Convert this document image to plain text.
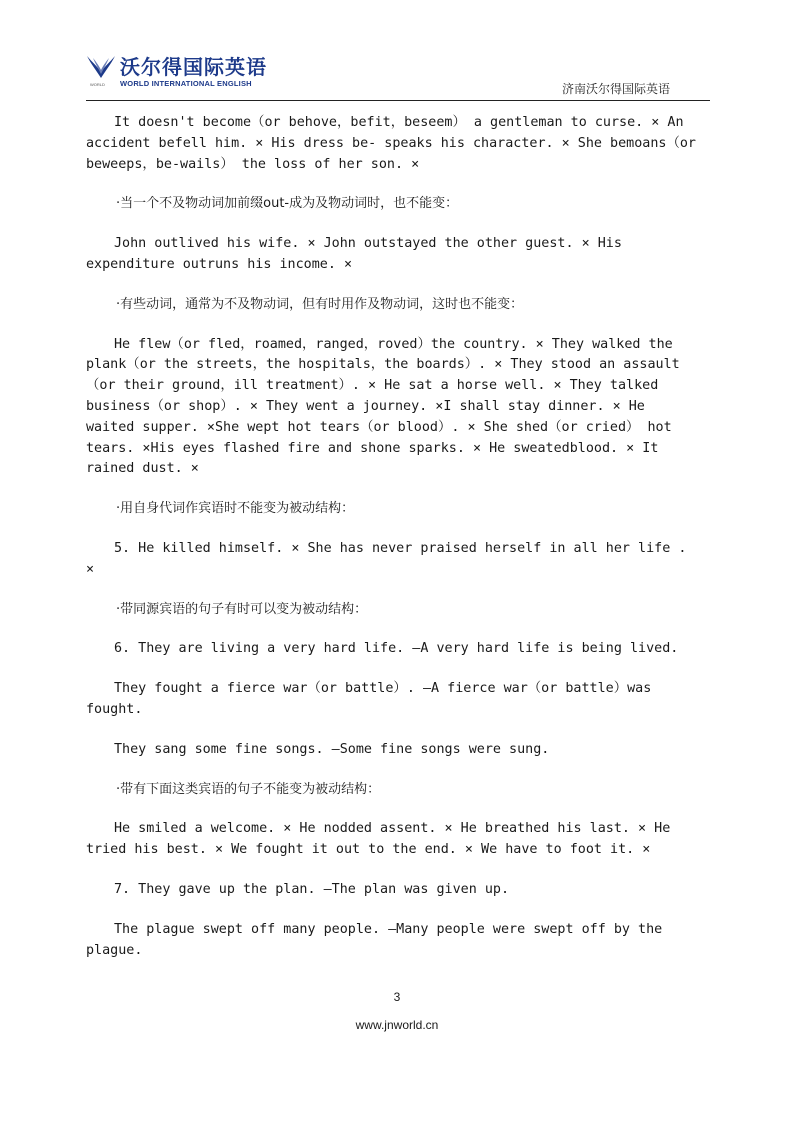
沃尔得国际英语
WORLD INTERNATIONAL ENGLISH
WORLD	济南沃尔得国际英语

It doesn't become（or behove，befit，beseem） a gentleman to curse. × An accident befell him. × His dress be- speaks his character. × She bemoans（or beweeps，be-wails） the loss of her son. ×

·当一个不及物动词加前缀out-成为及物动词时，也不能变：

John outlived his wife. × John outstayed the other guest. × His expenditure outruns his income. ×

·有些动词，通常为不及物动词，但有时用作及物动词，这时也不能变：

He flew（or fled，roamed，ranged，roved）the country. × They walked the plank（or the streets，the hospitals，the boards）. × They stood an assault（or their ground，ill treatment）. × He sat a horse well. × They talked business（or shop）. × They went a journey. ×I shall stay dinner. × He waited supper. ×She wept hot tears（or blood）. × She shed（or cried） hot tears. ×His eyes flashed fire and shone sparks. × He sweatedblood. × It rained dust. ×

·用自身代词作宾语时不能变为被动结构：

5. He killed himself. × She has never praised herself in all her life . ×

·带同源宾语的句子有时可以变为被动结构：

6. They are living a very hard life. —A very hard life is being lived.

They fought a fierce war（or battle）. —A fierce war（or battle）was fought.

They sang some fine songs. —Some fine songs were sung.

·带有下面这类宾语的句子不能变为被动结构：

He smiled a welcome. × He nodded assent. × He breathed his last. × He tried his best. × We fought it out to the end. × We have to foot it. ×

7. They gave up the plan. —The plan was given up.

The plague swept off many people. —Many people were swept off by the plague.

3
www.jnworld.cn
